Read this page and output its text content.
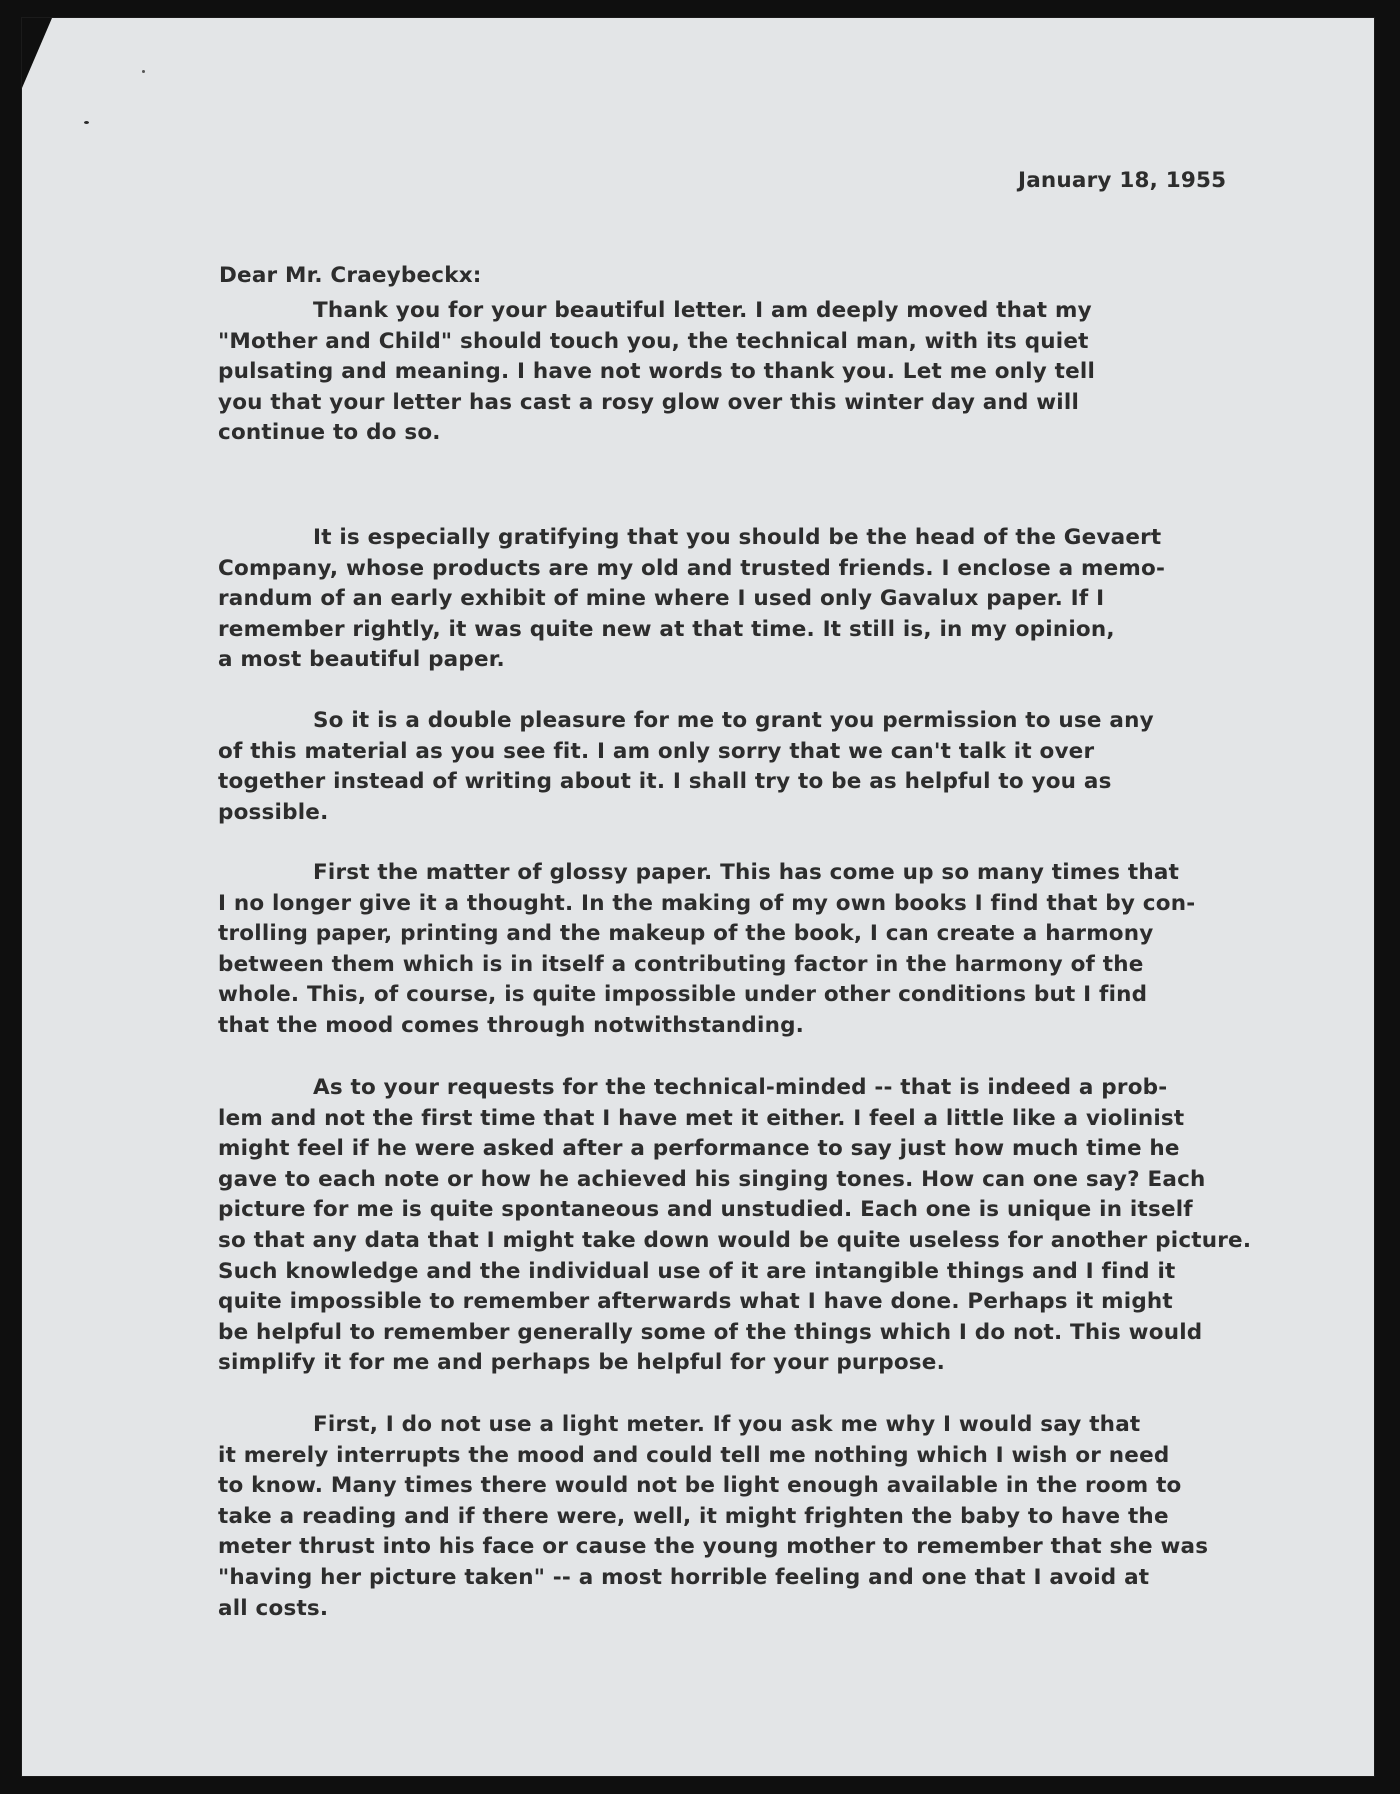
January 18, 1955
Dear Mr. Craeybeckx:

Thank you for your beautiful letter. I am deeply moved that my
"Mother and Child" should touch you, the technical man, with its quiet
pulsating and meaning. I have not words to thank you. Let me only tell
you that your letter has cast a rosy glow over this winter day and will
continue to do so.

It is especially gratifying that you should be the head of the Gevaert
Company, whose products are my old and trusted friends. I enclose a memo-
randum of an early exhibit of mine where I used only Gavalux paper. If I
remember rightly, it was quite new at that time. It still is, in my opinion,
a most beautiful paper.

So it is a double pleasure for me to grant you permission to use any
of this material as you see fit. I am only sorry that we can't talk it over
together instead of writing about it. I shall try to be as helpful to you as
possible.

First the matter of glossy paper. This has come up so many times that
I no longer give it a thought. In the making of my own books I find that by con-
trolling paper, printing and the makeup of the book, I can create a harmony
between them which is in itself a contributing factor in the harmony of the
whole. This, of course, is quite impossible under other conditions but I find
that the mood comes through notwithstanding.

As to your requests for the technical-minded -- that is indeed a prob-
lem and not the first time that I have met it either. I feel a little like a violinist
might feel if he were asked after a performance to say just how much time he
gave to each note or how he achieved his singing tones. How can one say? Each
picture for me is quite spontaneous and unstudied. Each one is unique in itself
so that any data that I might take down would be quite useless for another picture.
Such knowledge and the individual use of it are intangible things and I find it
quite impossible to remember afterwards what I have done. Perhaps it might
be helpful to remember generally some of the things which I do not. This would
simplify it for me and perhaps be helpful for your purpose.

First, I do not use a light meter. If you ask me why I would say that
it merely interrupts the mood and could tell me nothing which I wish or need
to know. Many times there would not be light enough available in the room to
take a reading and if there were, well, it might frighten the baby to have the
meter thrust into his face or cause the young mother to remember that she was
"having her picture taken" -- a most horrible feeling and one that I avoid at
all costs.
